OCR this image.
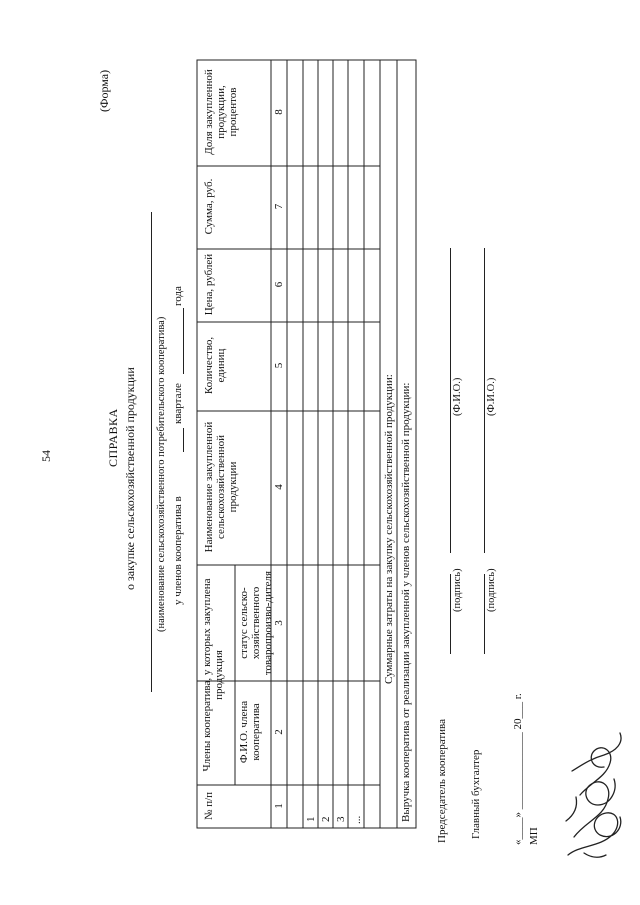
54
(Форма)
СПРАВКА о закупке сельскохозяйственной продукции (наименование сельскохозяйственного потребительского кооператива) у членов кооператива в
квартале
года
№ п/п
Члены кооператива, у которых закуплена продукция
Ф.И.О. члена кооператива
статус сельско-хозяйственного товаропроизво-дителя
Наименование закупленной сельскохозяйственной продукции
Количество, единиц
Цена, рублей
Сумма, руб.
Доля закупленной продукции, процентов
1
2
3
4
5
6
7
8
1 2 3 ...
Суммарные затраты на закупку сельскохозяйственной продукции: Выручка кооператива от реализации закупленной у членов сельскохозяйственной продукции: Председатель кооператива
(подпись)
(Ф.И.О.)
Главный бухгалтер
(подпись)
(Ф.И.О.)
«____» ______________ 20___ г. МП
